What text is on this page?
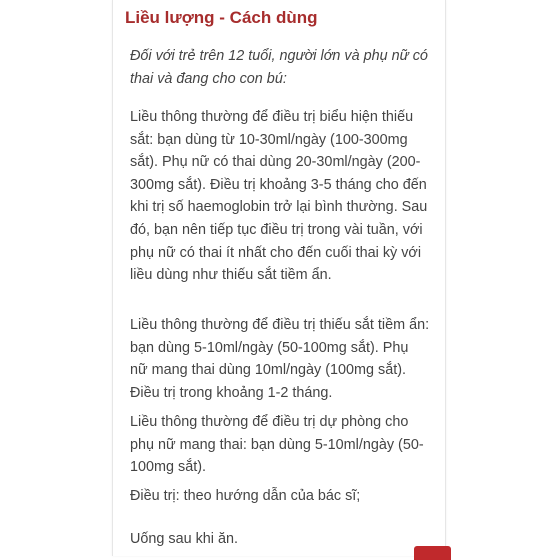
Liều lượng - Cách dùng
Đối với trẻ trên 12 tuổi, người lớn và phụ nữ có thai và đang cho con bú:
Liều thông thường để điều trị biểu hiện thiếu sắt: bạn dùng từ 10-30ml/ngày (100-300mg sắt). Phụ nữ có thai dùng 20-30ml/ngày (200-300mg sắt). Điều trị khoảng 3-5 tháng cho đến khi trị số haemoglobin trở lại bình thường. Sau đó, bạn nên tiếp tục điều trị trong vài tuần, với phụ nữ có thai ít nhất cho đến cuối thai kỳ với liều dùng như thiếu sắt tiềm ẩn.
Liều thông thường để điều trị thiếu sắt tiềm ẩn: bạn dùng 5-10ml/ngày (50-100mg sắt). Phụ nữ mang thai dùng 10ml/ngày (100mg sắt). Điều trị trong khoảng 1-2 tháng.
Liều thông thường để điều trị dự phòng cho phụ nữ mang thai: bạn dùng 5-10ml/ngày (50-100mg sắt).
Điều trị: theo hướng dẫn của bác sĩ;
Uống sau khi ăn.
